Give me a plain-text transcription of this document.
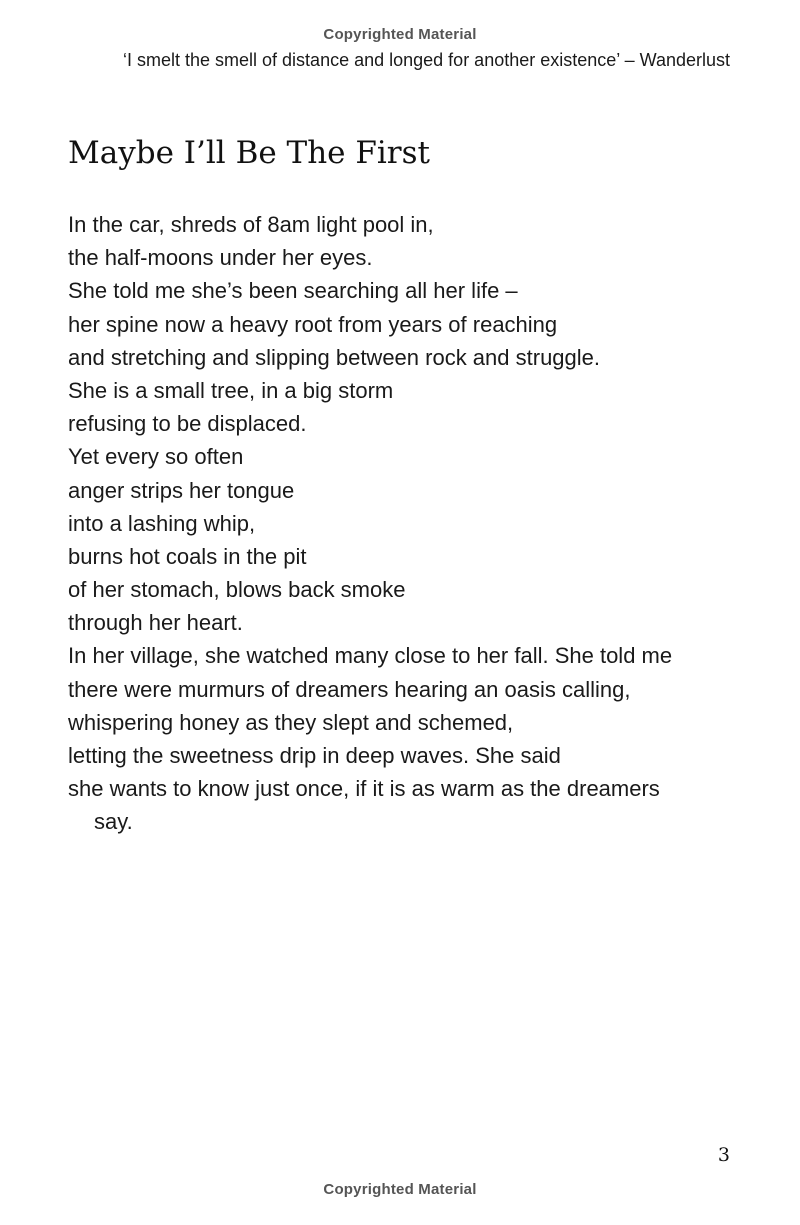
Copyrighted Material
‘I smelt the smell of distance and longed for another existence’ – Wanderlust
Maybe I’ll Be The First
In the car, shreds of 8am light pool in,
the half-moons under her eyes.
She told me she’s been searching all her life –
her spine now a heavy root from years of reaching
and stretching and slipping between rock and struggle.
She is a small tree, in a big storm
refusing to be displaced.
Yet every so often
anger strips her tongue
into a lashing whip,
burns hot coals in the pit
of her stomach, blows back smoke
through her heart.
In her village, she watched many close to her fall. She told me
there were murmurs of dreamers hearing an oasis calling,
whispering honey as they slept and schemed,
letting the sweetness drip in deep waves. She said
she wants to know just once, if it is as warm as the dreamers
say.
3
Copyrighted Material
